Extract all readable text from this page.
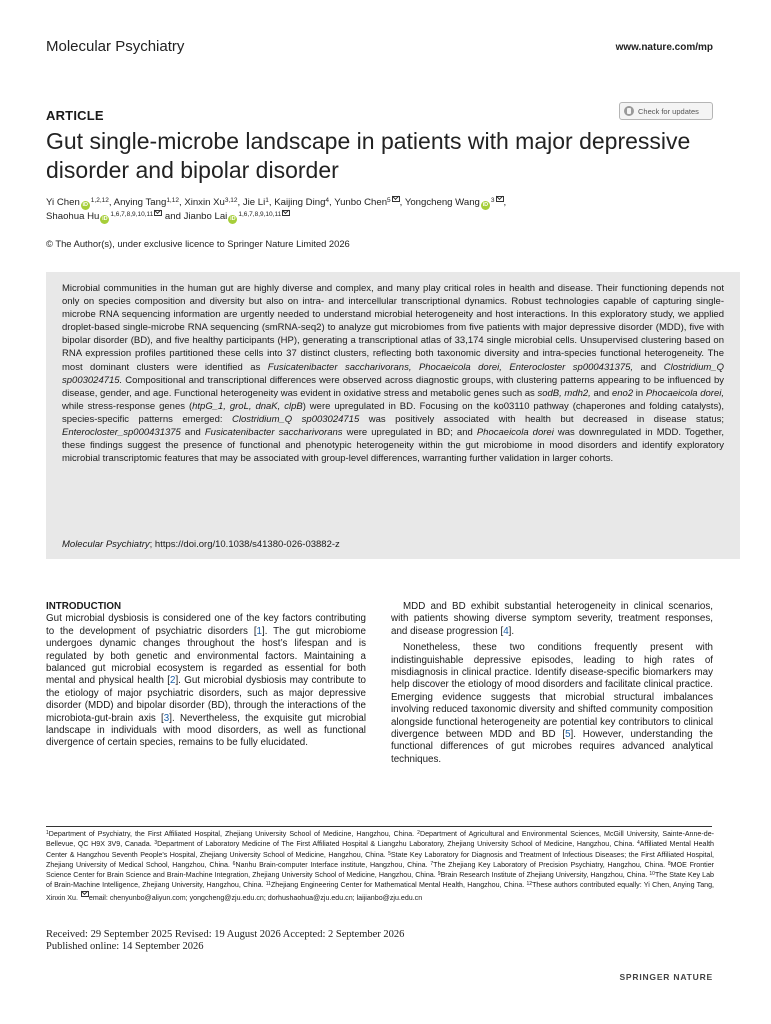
Molecular Psychiatry	www.nature.com/mp
ARTICLE	Check for updates
Gut single-microbe landscape in patients with major depressive disorder and bipolar disorder
Yi Chen iD$^{1,2,12}$, Anying Tang$^{1,12}$, Xinxin Xu$^{3,12}$, Jie Li$^1$, Kaijing Ding$^4$, Yunbo Chen$^5$ , Yongcheng Wang $iD^3$ ,
Shaohua Hu iD$^{1,6,7,8,9,10,11}$ and Jianbo Lai iD$^{1,6,7,8,9,10,11}$
© The Author(s), under exclusive licence to Springer Nature Limited 2026

Microbial communities in the human gut are highly diverse and complex, and many play critical roles in health and disease. Their functioning depends not only on species composition and diversity but also on intra- and intercellular transcriptional dynamics. Robust technologies capable of capturing single-microbe RNA sequencing information are urgently needed to understand microbial heterogeneity and host interactions. In this exploratory study, we applied droplet-based single-microbe RNA sequencing (smRNA-seq2) to analyze gut microbiomes from five patients with major depressive disorder (MDD), five with bipolar disorder (BD), and five healthy participants (HP), generating a transcriptional atlas of 33,174 single microbial cells. Unsupervised clustering based on RNA expression profiles partitioned these cells into 37 distinct clusters, reflecting both taxonomic diversity and intra-species functional heterogeneity. The most dominant clusters were identified as Fusicatenibacter saccharivorans, Phocaeicola dorei, Enterocloster sp000431375, and Clostridium_Q sp003024715. Compositional and transcriptional differences were observed across diagnostic groups, with clustering patterns appearing to be influenced by disease, gender, and age. Functional heterogeneity was evident in oxidative stress and metabolic genes such as sodB, mdh2, and eno2 in Phocaeicola dorei, while stress-response genes (htpG_1, groL, dnaK, clpB) were upregulated in BD. Focusing on the ko03110 pathway (chaperones and folding catalysts), species-specific patterns emerged: Clostridium_Q sp003024715 was positively associated with health but decreased in disease status; Enterocloster_sp000431375 and Fusicatenibacter saccharivorans were upregulated in BD; and Phocaeicola dorei was downregulated in MDD. Together, these findings suggest the presence of functional and phenotypic heterogeneity within the gut microbiome in mood disorders and identify exploratory microbial transcriptomic features that may be associated with group-level differences, warranting further validation in larger cohorts.

Molecular Psychiatry; https://doi.org/10.1038/s41380-026-03882-z
INTRODUCTION

Gut microbial dysbiosis is considered one of the key factors contributing to the development of psychiatric disorders [1]. The gut microbiome undergoes dynamic changes throughout the host’s lifespan and is regulated by both genetic and environmental factors. Maintaining a balanced gut microbial ecosystem is regarded as essential for both mental and physical health [2]. Gut microbial dysbiosis may contribute to the etiology of major psychiatric disorders, such as major depressive disorder (MDD) and bipolar disorder (BD), through the interactions of the microbiota-gut-brain axis [3]. Nevertheless, the exquisite gut microbial landscape in individuals with mood disorders, as well as functional divergence of certain species, remains to be fully elucidated.

MDD and BD exhibit substantial heterogeneity in clinical scenarios, with patients showing diverse symptom severity, treatment responses, and disease progression [4].

Nonetheless, these two conditions frequently present with indistinguishable depressive episodes, leading to high rates of misdiagnosis in clinical practice. Identify disease-specific biomarkers may help discover the etiology of mood disorders and facilitate clinical practice. Emerging evidence suggests that microbial structural imbalances involving reduced taxonomic diversity and shifted community composition alongside functional heterogeneity are potential key contributors to clinical divergence between MDD and BD [5]. However, understanding the functional differences of gut microbes requires advanced analytical techniques.

$^1$Department of Psychiatry, the First Affiliated Hospital, Zhejiang University School of Medicine, Hangzhou, China. $^2$Department of Agricultural and Environmental Sciences, McGill University, Sainte-Anne-de-Bellevue, QC H9X 3V9, Canada. $^3$Department of Laboratory Medicine of The First Affiliated Hospital & Liangzhu Laboratory, Zhejiang University School of Medicine, Hangzhou, China. $^4$Affiliated Mental Health Center & Hangzhou Seventh People’s Hospital, Zhejiang University School of Medicine, Hangzhou, China. $^5$State Key Laboratory for Diagnosis and Treatment of Infectious Diseases; the First Affiliated Hospital, Zhejiang University of Medical School, Hangzhou, China. $^6$Nanhu Brain-computer Interface institute, Hangzhou, China. $^7$The Zhejiang Key Laboratory of Precision Psychiatry, Hangzhou, China. $^8$MOE Frontier Science Center for Brain Science and Brain-Machine Integration, Zhejiang University School of Medicine, Hangzhou, China. $^9$Brain Research Institute of Zhejiang University, Hangzhou, China. $^{10}$The State Key Lab of Brain-Machine Intelligence, Zhejiang University, Hangzhou, China. $^{11}$Zhejiang Engineering Center for Mathematical Mental Health, Hangzhou, China. $^{12}$These authors contributed equally: Yi Chen, Anying Tang, Xinxin Xu. email: chenyunbo@aliyun.com; yongcheng@zju.edu.cn; dorhushaohua@zju.edu.cn; laijianbo@zju.edu.cn
Received: 29 September 2025 Revised: 19 August 2026 Accepted: 2 September 2026
Published online: 14 September 2026
SPRINGER NATURE
